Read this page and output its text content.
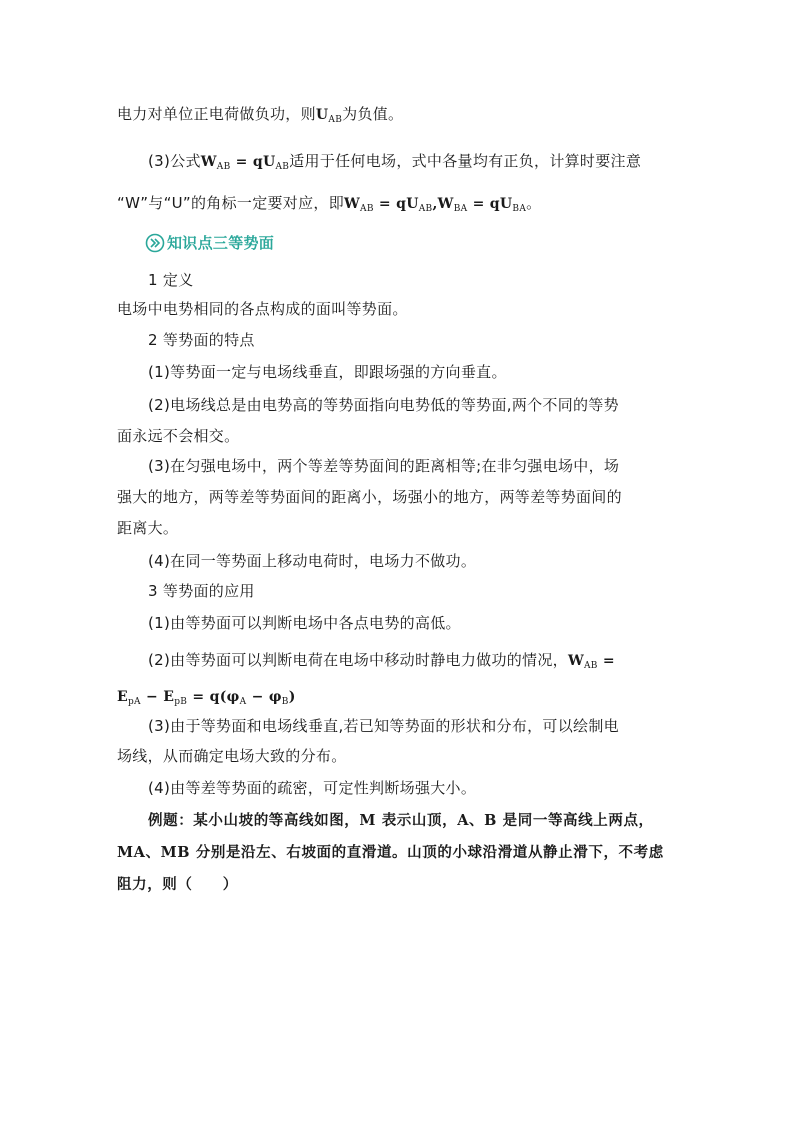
电力对单位正电荷做负功，则$U_{AB}$为负值。
(3)公式$W_{AB} = qU_{AB}$适用于任何电场，式中各量均有正负，计算时要注意
“W”与“U”的角标一定要对应，即$W_{AB} = qU_{AB},W_{BA} = qU_{BA}$。
知识点三等势面
1 定义
电场中电势相同的各点构成的面叫等势面。
2 等势面的特点
(1)等势面一定与电场线垂直，即跟场强的方向垂直。
(2)电场线总是由电势高的等势面指向电势低的等势面,两个不同的等势
面永远不会相交。
(3)在匀强电场中，两个等差等势面间的距离相等;在非匀强电场中，场
强大的地方，两等差等势面间的距离小，场强小的地方，两等差等势面间的
距离大。
(4)在同一等势面上移动电荷时，电场力不做功。
3 等势面的应用
(1)由等势面可以判断电场中各点电势的高低。
(2)由等势面可以判断电荷在电场中移动时静电力做功的情况，$W_{AB}$ =
$E_{pA} - E_{pB} = q(\varphi_A - \varphi_B)$
(3)由于等势面和电场线垂直,若已知等势面的形状和分布，可以绘制电
场线，从而确定电场大致的分布。
(4)由等差等势面的疏密，可定性判断场强大小。
例题：某小山坡的等高线如图，M 表示山顶，A、B 是同一等高线上两点，
MA、MB 分别是沿左、右坡面的直滑道。山顶的小球沿滑道从静止滑下，不考虑
阻力，则（　　）
